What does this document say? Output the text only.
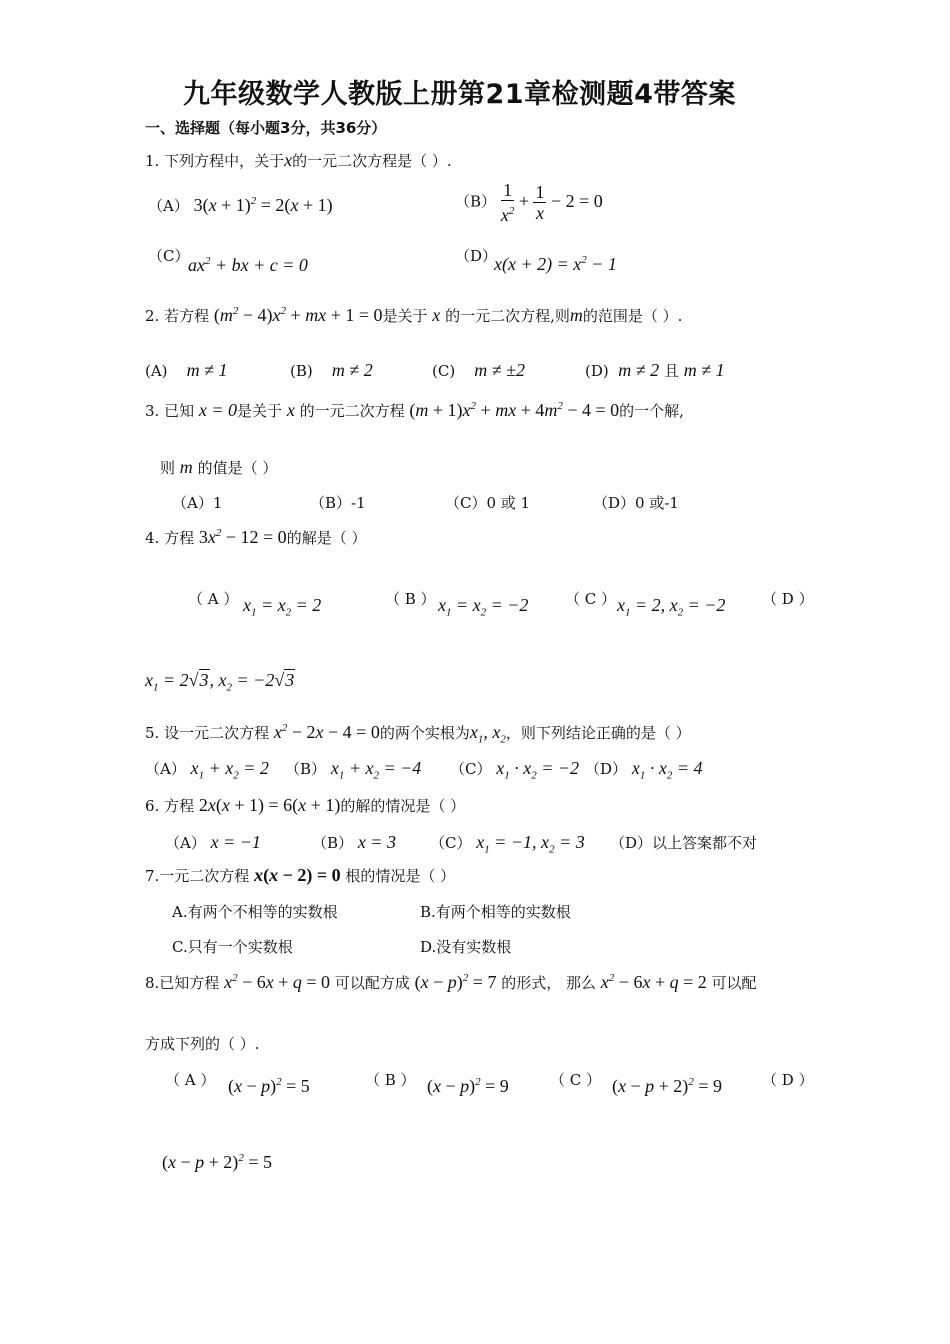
九年级数学人教版上册第21章检测题4带答案
一、选择题（每小题3分，共36分）
1. 下列方程中，关于x的一元二次方程是（ ）.
（A） $3(x + 1)^2 = 2(x + 1)$	$(B) \frac{1}{x^2} + \frac{1}{x} - 2 = 0$
（C）
$ax^2$ + bx + c = 0	（D）
$x(x + 2) = x^2 - 1$
2. 若方程 $(m^2 - 4)x^2$ + mx + 1 = 0是关于 x 的一元二次方程,则m的范围是（ ）.
(A) m ≠ 1	(B) m ≠ 2	(C) m ≠ ±2	(D) m ≠ 2 且 m ≠ 1
3. 已知 x = 0是关于 x 的一元二次方程 $(m + 1)x^2$ + mx + $4m^2 - 4 = 0$的一个解,
则 m 的值是（ ）
（A）1	（B）-1	（C）0 或 1	（D）0 或-1
4. 方程 $3x^2 - 12 = 0$的解是（ ）
（ A ） $x_1 = x_2 = 2$	（ B ） $x_1 = x_2 = -2$ （ C ） $x_1 = 2$, $x_2 = -2$ （ D ）
$x_1 = 2√3$, $x_2 = -2√3$
5. 设一元二次方程 $x^2 - 2x - 4 = 0$的两个实根为$x_1$, $x_2$，则下列结论正确的是（ ）
（A） $x_1 + x_2 = 2$ （B） $x_1 + x_2 = -4$ （C） $x_1 \cdot x_2 = -2$ （D） $x_1 \cdot x_2 = 4$
6. 方程 2x(x + 1) = 6(x + 1)的解的情况是（ ）
（A） x = −1	（B） x = 3 （C） $x_1 = -1$, $x_2 = 3$ （D）以上答案都不对
7.一元二次方程 x(x − 2) = 0 根的情况是（ ）
A.有两个不相等的实数根	B.有两个相等的实数根
C.只有一个实数根	D.没有实数根
8.已知方程 $x^2 - 6x + q = 0$ 可以配方成 $(x - p)^2 = 7$ 的形式， 那么 $x^2 - 6x + q = 2$ 可以配
方成下列的（ ）.
（ A ） $(x - p)^2 = 5$	（ B ） $(x - p)^2 = 9$	（ C ） $(x - p + 2)^2 = 9$	（ D ）
$(x - p + 2)^2 = 5$
